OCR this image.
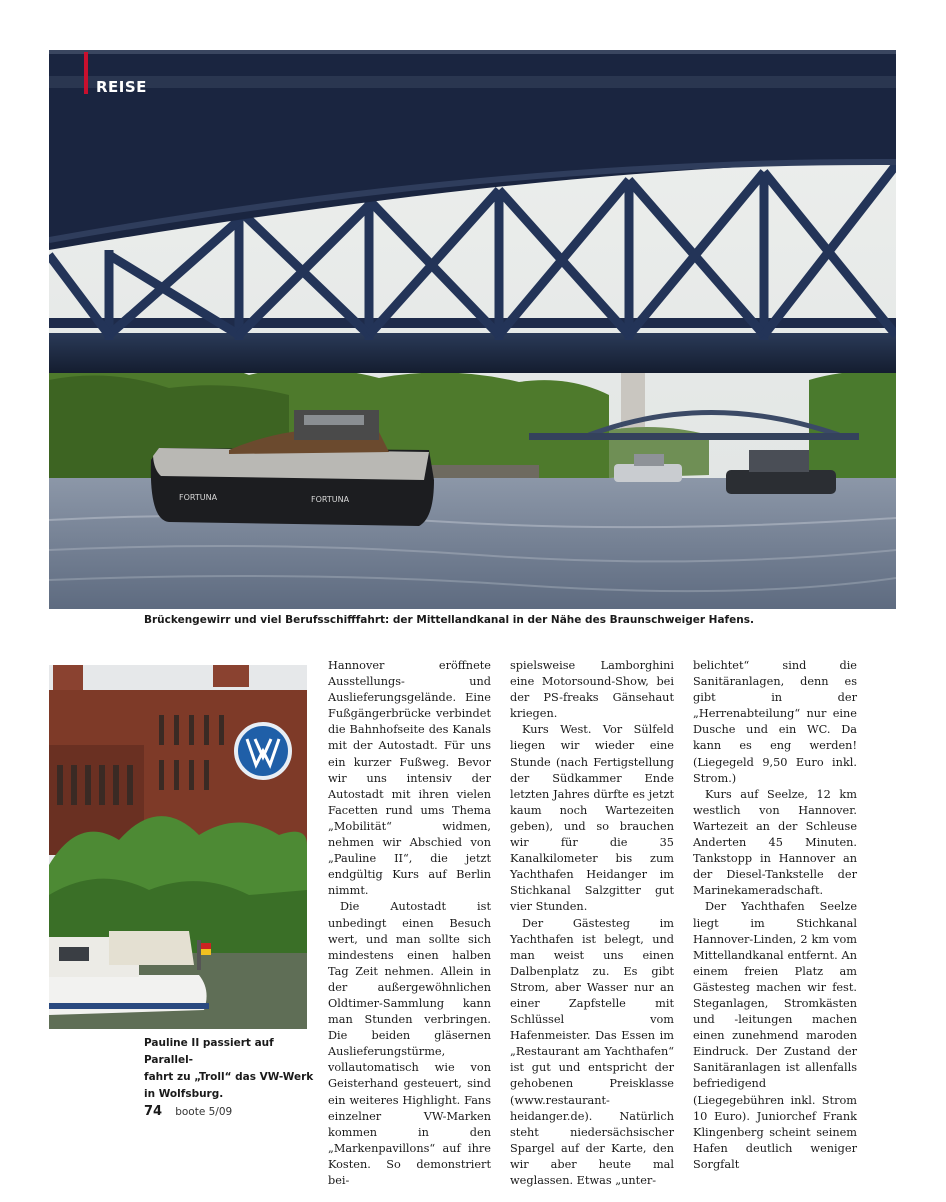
FORTUNA	FORTUNA
REISE
Brückengewirr und viel Berufsschifffahrt: der Mittellandkanal in der Nähe des Braunschweiger Hafens.
Pauline II passiert auf Parallel-
fahrt zu „Troll“ das VW-Werk
in Wolfsburg.

Hannover eröffnete Ausstellungs- und Auslieferungsgelände. Eine Fußgängerbrücke verbindet die Bahnhofseite des Kanals mit der Autostadt. Für uns ein kurzer Fußweg. Bevor wir uns intensiv der Autostadt mit ihren vielen Facetten rund ums Thema „Mobilität“ widmen, nehmen wir Abschied von „Pauline II“, die jetzt endgültig Kurs auf Berlin nimmt.

Die Autostadt ist unbedingt einen Besuch wert, und man sollte sich mindestens einen halben Tag Zeit nehmen. Allein in der außergewöhnlichen Oldtimer-Sammlung kann man Stunden verbringen. Die beiden gläsernen Auslieferungstürme, vollautomatisch wie von Geisterhand gesteuert, sind ein weiteres Highlight. Fans einzelner VW-Marken kommen in den „Markenpavillons“ auf ihre Kosten. So demonstriert bei-

spielsweise Lamborghini eine Motorsound-Show, bei der PS-freaks Gänsehaut kriegen.

Kurs West. Vor Sülfeld liegen wir wieder eine Stunde (nach Fertigstellung der Südkammer Ende letzten Jahres dürfte es jetzt kaum noch Wartezeiten geben), und so brauchen wir für die 35 Kanalkilometer bis zum Yachthafen Heidanger im Stichkanal Salzgitter gut vier Stunden.

Der Gästesteg im Yachthafen ist belegt, und man weist uns einen Dalbenplatz zu. Es gibt Strom, aber Wasser nur an einer Zapfstelle mit Schlüssel vom Hafenmeister. Das Essen im „Restaurant am Yachthafen“ ist gut und entspricht der gehobenen Preisklasse (www.restaurant-heidanger.de). Natürlich steht niedersächsischer Spargel auf der Karte, den wir aber heute mal weglassen. Etwas „unter-

belichtet“ sind die Sanitäranlagen, denn es gibt in der „Herrenabteilung“ nur eine Dusche und ein WC. Da kann es eng werden! (Liegegeld 9,50 Euro inkl. Strom.)

Kurs auf Seelze, 12 km westlich von Hannover. Wartezeit an der Schleuse Anderten 45 Minuten. Tankstopp in Hannover an der Diesel-Tankstelle der Marinekameradschaft.

Der Yachthafen Seelze liegt im Stichkanal Hannover-Linden, 2 km vom Mittellandkanal entfernt. An einem freien Platz am Gästesteg machen wir fest. Steganlagen, Stromkästen und -leitungen machen einen zunehmend maroden Eindruck. Der Zustand der Sanitäranlagen ist allenfalls befriedigend (Liegegebühren inkl. Strom 10 Euro). Juniorchef Frank Klingenberg scheint seinem Hafen deutlich weniger Sorgfalt

74 boote 5/09
